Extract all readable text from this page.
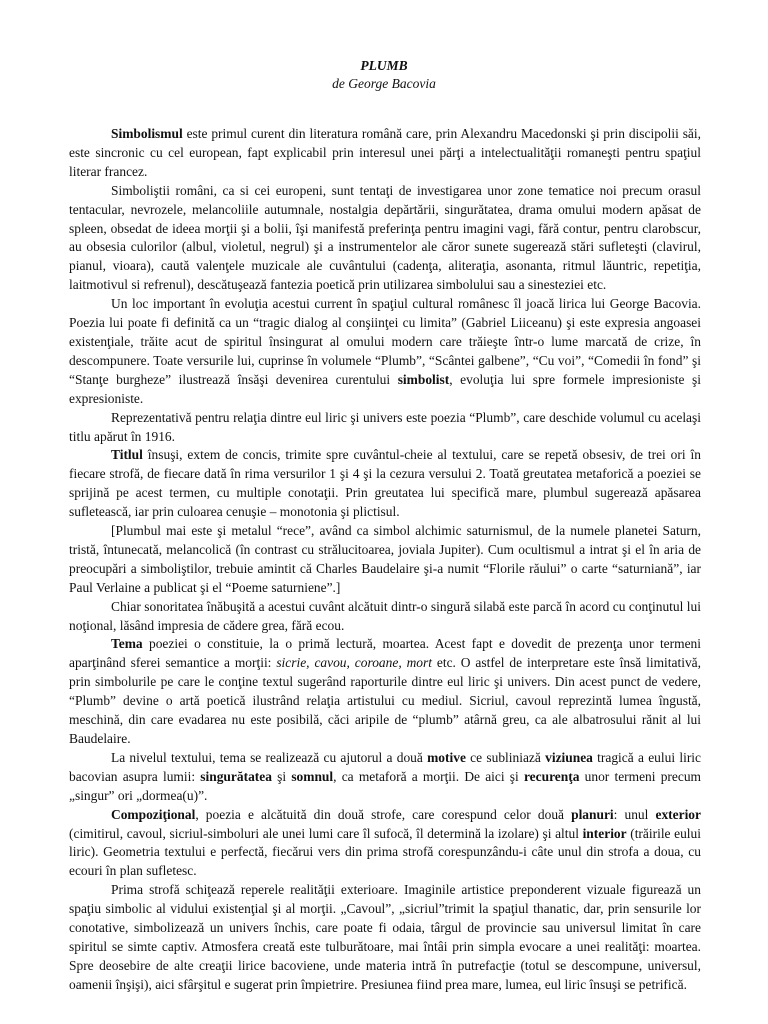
PLUMB
de George Bacovia

Simbolismul este primul curent din literatura română care, prin Alexandru Macedonski şi prin discipolii săi, este sincronic cu cel european, fapt explicabil prin interesul unei părţi a intelectualităţii romaneşti pentru spaţiul literar francez.

Simboliştii români, ca si cei europeni, sunt tentaţi de investigarea unor zone tematice noi precum orasul tentacular, nevrozele, melancoliile autumnale, nostalgia depărtării, singurătatea, drama omului modern apăsat de spleen, obsedat de ideea morţii şi a bolii, îşi manifestă preferinţa pentru imagini vagi, fără contur, pentru clarobscur, au obsesia culorilor (albul, violetul, negrul) şi a instrumentelor ale căror sunete sugerează stări sufleteşti (clavirul, pianul, vioara), caută valenţele muzicale ale cuvântului (cadenţa, aliteraţia, asonanta, ritmul lăuntric, repetiţia, laitmotivul si refrenul), descătuşează fantezia poetică prin utilizarea simbolului sau a sinesteziei etc.

Un loc important în evoluţia acestui current în spaţiul cultural românesc îl joacă lirica lui George Bacovia. Poezia lui poate fi definită ca un “tragic dialog al conşiinţei cu limita” (Gabriel Liiceanu) şi este expresia angoasei existenţiale, trăite acut de spiritul însingurat al omului modern care trăieşte într-o lume marcată de crize, în descompunere. Toate versurile lui, cuprinse în volumele “Plumb”, “Scântei galbene”, “Cu voi”, “Comedii în fond” şi “Stanţe burgheze” ilustrează însăşi devenirea curentului simbolist, evoluţia lui spre formele impresioniste şi expresioniste.

Reprezentativă pentru relaţia dintre eul liric şi univers este poezia “Plumb”, care deschide volumul cu acelaşi titlu apărut în 1916.

Titlul însuşi, extem de concis, trimite spre cuvântul-cheie al textului, care se repetă obsesiv, de trei ori în fiecare strofă, de fiecare dată în rima versurilor 1 şi 4 şi la cezura versului 2. Toată greutatea metaforică a poeziei se sprijină pe acest termen, cu multiple conotaţii. Prin greutatea lui specifică mare, plumbul sugerează apăsarea sufletească, iar prin culoarea cenuşie – monotonia şi plictisul.

[Plumbul mai este şi metalul “rece”, având ca simbol alchimic saturnismul, de la numele planetei Saturn, tristă, întunecată, melancolică (în contrast cu strălucitoarea, joviala Jupiter). Cum ocultismul a intrat şi el în aria de preocupări a simboliştilor, trebuie amintit că Charles Baudelaire şi-a numit “Florile răului” o carte “saturniană”, iar Paul Verlaine a publicat şi el “Poeme saturniene”.]

Chiar sonoritatea înăbuşită a acestui cuvânt alcătuit dintr-o singură silabă este parcă în acord cu conţinutul lui noţional, lăsând impresia de cădere grea, fără ecou.

Tema poeziei o constituie, la o primă lectură, moartea. Acest fapt e dovedit de prezenţa unor termeni aparţinând sferei semantice a morţii: sicrie, cavou, coroane, mort etc. O astfel de interpretare este însă limitativă, prin simbolurile pe care le conţine textul sugerând raporturile dintre eul liric şi univers. Din acest punct de vedere, “Plumb” devine o artă poetică ilustrând relaţia artistului cu mediul. Sicriul, cavoul reprezintă lumea îngustă, meschină, din care evadarea nu este posibilă, căci aripile de “plumb” atârnă greu, ca ale albatrosului rănit al lui Baudelaire.

La nivelul textului, tema se realizează cu ajutorul a două motive ce subliniază viziunea tragică a eului liric bacovian asupra lumii: singurătatea şi somnul, ca metaforă a morţii. De aici şi recurenţa unor termeni precum „singur” ori „dormea(u)”.

Compoziţional, poezia e alcătuită din două strofe, care corespund celor două planuri: unul exterior (cimitirul, cavoul, sicriul-simboluri ale unei lumi care îl sufocă, îl determină la izolare) şi altul interior (trăirile eului liric). Geometria textului e perfectă, fiecărui vers din prima strofă corespunzându-i câte unul din strofa a doua, cu ecouri în plan sufletesc.

Prima strofă schiţează reperele realităţii exterioare. Imaginile artistice preponderent vizuale figurează un spaţiu simbolic al vidului existenţial şi al morţii. „Cavoul”, „sicriul”trimit la spaţiul thanatic, dar, prin sensurile lor conotative, simbolizează un univers închis, care poate fi odaia, târgul de provincie sau universul limitat în care spiritul se simte captiv. Atmosfera creată este tulburătoare, mai întâi prin simpla evocare a unei realităţi: moartea. Spre deosebire de alte creaţii lirice bacoviene, unde materia intră în putrefacţie (totul se descompune, universul, oamenii înşişi), aici sfârşitul e sugerat prin împietrire. Presiunea fiind prea mare, lumea, eul liric însuşi se petrifică.
